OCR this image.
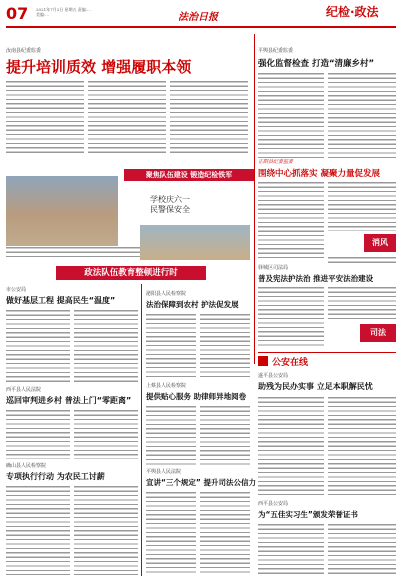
07 2021年7月2日 星期五 责编:... 美编:...	法治日报	纪检·政法
汝南县纪委监委
提升培训质效 增强履职本领
聚焦队伍建设 锻造纪检铁军
学校庆六一
民警保安全
平舆县纪委监委
强化监督检查 打造“清廉乡村”
正阳县纪委监委
围绕中心抓落实 凝聚力量促发展
消风
驿城区司法局
普及宪法护法治 推进平安法治建设
司法
政法队伍教育整顿进行时
市公安局
做好基层工程 提高民生“温度”
西平县人民法院
巡回审判进乡村 普法上门“零距离”
确山县人民检察院
专项执行行动 为农民工讨薪
泌阳县人民检察院
法治保障到农村 护法促发展
上蔡县人民检察院
提供贴心服务 助律师异地阅卷
平舆县人民法院
宣讲“三个规定” 提升司法公信力
公安在线
遂平县公安局
助残为民办实事 立足本职解民忧
西平县公安局
为“五佳实习生”颁发荣誉证书
